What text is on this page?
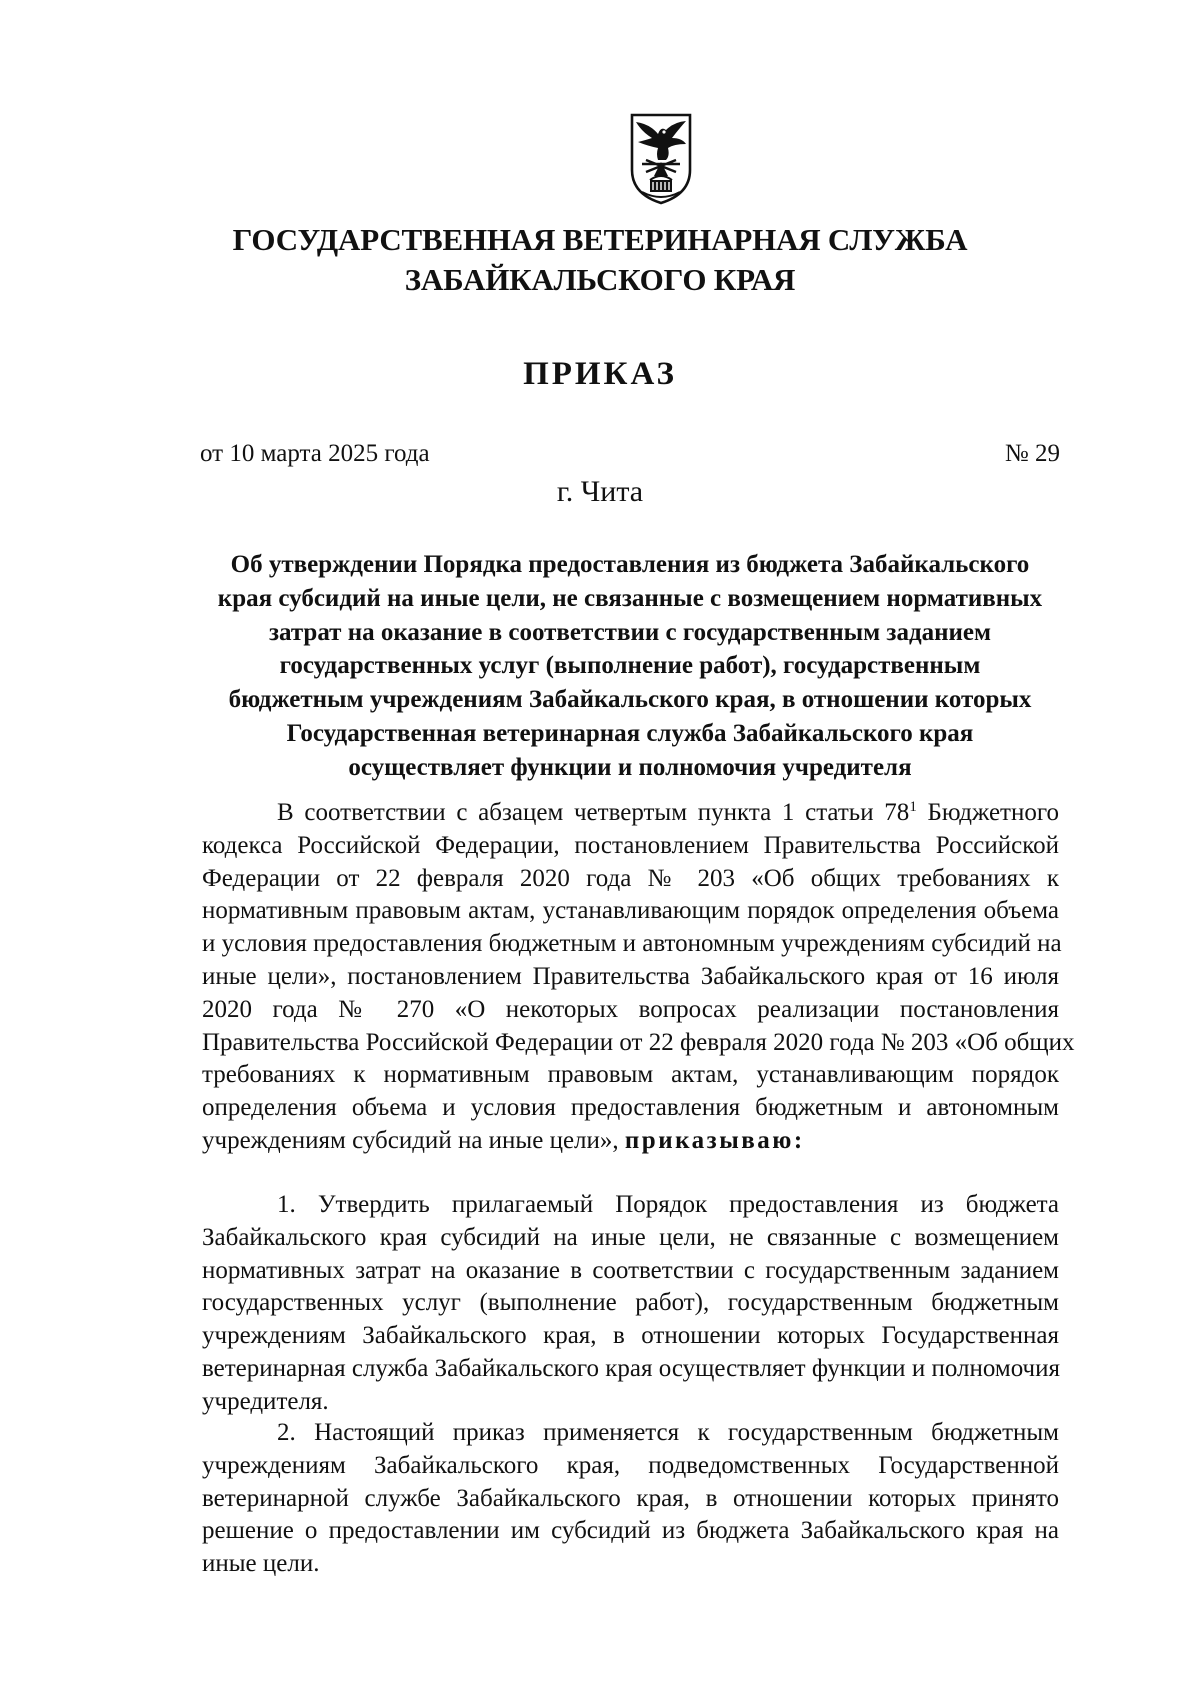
ГОСУДАРСТВЕННАЯ ВЕТЕРИНАРНАЯ СЛУЖБА
ЗАБАЙКАЛЬСКОГО КРАЯ
ПРИКАЗ
от 10 марта 2025 года	№ 29
г. Чита
Об утверждении Порядка предоставления из бюджета Забайкальского
края субсидий на иные цели, не связанные с возмещением нормативных
затрат на оказание в соответствии с государственным заданием
государственных услуг (выполнение работ), государственным
бюджетным учреждениям Забайкальского края, в отношении которых
Государственная ветеринарная служба Забайкальского края
осуществляет функции и полномочия учредителя
В соответствии с абзацем четвертым пункта 1 статьи $78^1$ Бюджетного
кодекса Российской Федерации, постановлением Правительства Российской
Федерации от 22 февраля 2020 года № 203 «Об общих требованиях к
нормативным правовым актам, устанавливающим порядок определения объема
и условия предоставления бюджетным и автономным учреждениям субсидий на
иные цели», постановлением Правительства Забайкальского края от 16 июля
2020 года № 270 «О некоторых вопросах реализации постановления
Правительства Российской Федерации от 22 февраля 2020 года № 203 «Об общих
требованиях к нормативным правовым актам, устанавливающим порядок
определения объема и условия предоставления бюджетным и автономным
учреждениям субсидий на иные цели», приказываю:
1. Утвердить прилагаемый Порядок предоставления из бюджета
Забайкальского края субсидий на иные цели, не связанные с возмещением
нормативных затрат на оказание в соответствии с государственным заданием
государственных услуг (выполнение работ), государственным бюджетным
учреждениям Забайкальского края, в отношении которых Государственная
ветеринарная служба Забайкальского края осуществляет функции и полномочия
учредителя.
2. Настоящий приказ применяется к государственным бюджетным
учреждениям Забайкальского края, подведомственных Государственной
ветеринарной службе Забайкальского края, в отношении которых принято
решение о предоставлении им субсидий из бюджета Забайкальского края на
иные цели.
